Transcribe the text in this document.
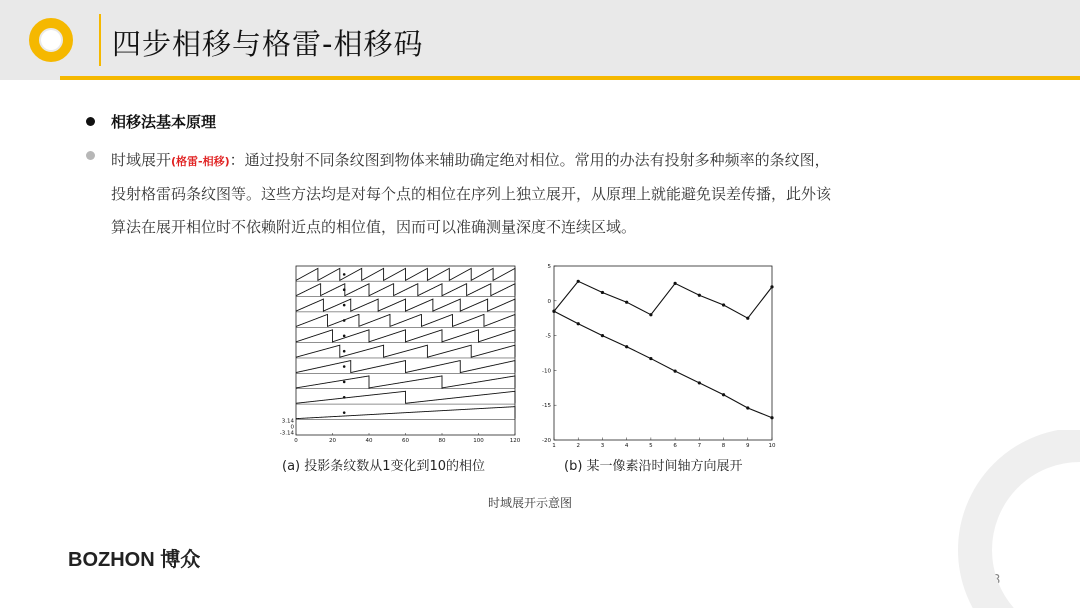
四步相移与格雷-相移码
相移法基本原理
时域展开(格雷-相移)：通过投射不同条纹图到物体来辅助确定绝对相位。常用的办法有投射多种频率的条纹图，
投射格雷码条纹图等。这些方法均是对每个点的相位在序列上独立展开，从原理上就能避免误差传播，此外该
算法在展开相位时不依赖附近点的相位值，因而可以准确测量深度不连续区域。
3.14
0
-3.14
0	20	40	60	80	100	120
5
0
-5
-10
-15
-20
1	2	3	4	5	6	7	8	9	10
(a) 投影条纹数从1变化到10的相位	(b) 某一像素沿时间轴方向展开
时域展开示意图
BOZHON 博众
13
